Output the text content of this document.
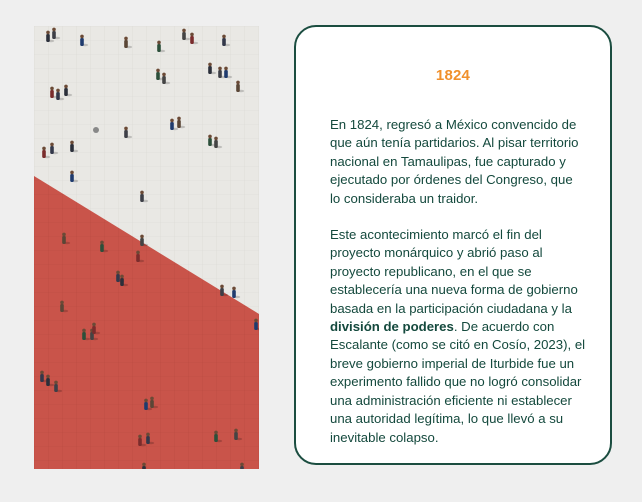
1824

En 1824, regresó a México convencido de que aún tenía partidarios. Al pisar territorio nacional en Tamaulipas, fue capturado y ejecutado por órdenes del Congreso, que lo consideraba un traidor.

Este acontecimiento marcó el fin del proyecto monárquico y abrió paso al proyecto republicano, en el que se establecería una nueva forma de gobierno basada en la participación ciudadana y la división de poderes. De acuerdo con Escalante (como se citó en Cosío, 2023), el breve gobierno imperial de Iturbide fue un experimento fallido que no logró consolidar una administración eficiente ni establecer una autoridad legítima, lo que llevó a su inevitable colapso.
